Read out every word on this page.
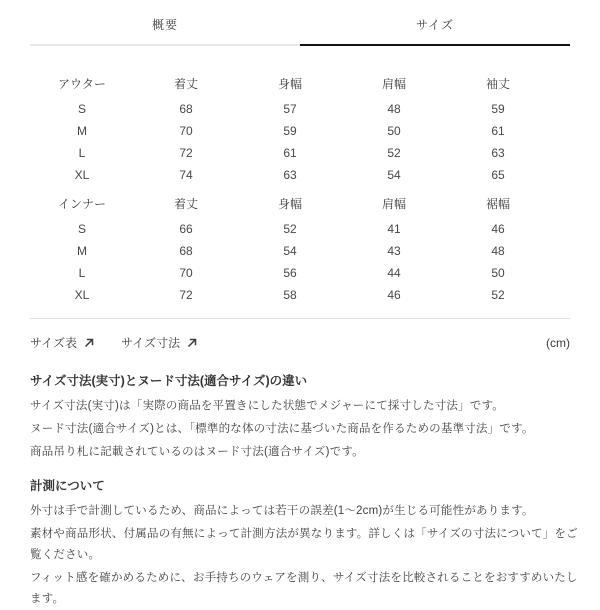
概要	サイズ
アウター	着丈	身幅	肩幅	袖丈
S	68	57	48	59
M	70	59	50	61
L	72	61	52	63
XL	74	63	54	65
インナー	着丈	身幅	肩幅	裾幅
S	66	52	41	46
M	68	54	43	48
L	70	56	44	50
XL	72	58	46	52
サイズ表	サイズ寸法	(cm)
サイズ寸法(実寸)とヌード寸法(適合サイズ)の違い

サイズ寸法(実寸)は「実際の商品を平置きにした状態でメジャーにて採寸した寸法」です。

ヌード寸法(適合サイズ)とは、「標準的な体の寸法に基づいた商品を作るための基準寸法」です。

商品吊り札に記載されているのはヌード寸法(適合サイズ)です。

計測について

外寸は手で計測しているため、商品によっては若干の誤差(1〜2cm)が生じる可能性があります。

素材や商品形状、付属品の有無によって計測方法が異なります。詳しくは「サイズの寸法について」をご
覧ください。

フィット感を確かめるために、お手持ちのウェアを測り、サイズ寸法を比較されることをおすすめいたし
ます。
